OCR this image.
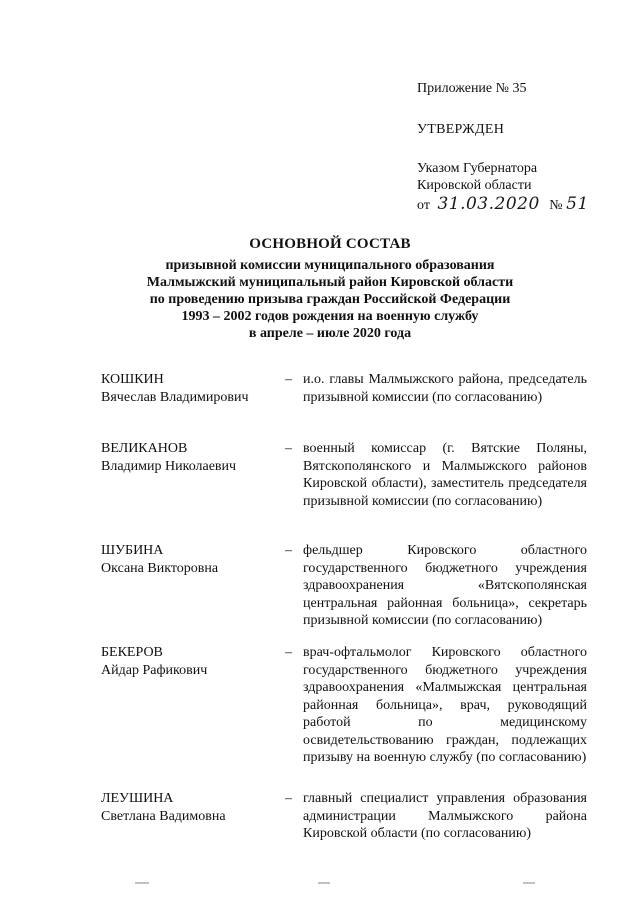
Приложение № 35

УТВЕРЖДЕН

Указом Губернатора

Кировской области

от 31.03.2020 № 51

ОСНОВНОЙ СОСТАВ
призывной комиссии муниципального образования
Малмыжский муниципальный район Кировской области
по проведению призыва граждан Российской Федерации
1993 – 2002 годов рождения на военную службу
в апреле – июле 2020 года
КОШКИН
Вячеслав Владимирович
– и.о. главы Малмыжского района, председатель призывной комиссии (по согласованию)
ВЕЛИКАНОВ
Владимир Николаевич
– военный комиссар (г. Вятские Поляны, Вятскополянского и Малмыжского районов Кировской области), заместитель председателя призывной комиссии (по согласованию)
ШУБИНА
Оксана Викторовна
– фельдшер Кировского областного государственного бюджетного учреждения здравоохранения «Вятскополянская центральная районная больница», секретарь призывной комиссии (по согласованию)
БЕКЕРОВ
Айдар Рафикович
– врач-офтальмолог Кировского областного государственного бюджетного учреждения здравоохранения «Малмыжская центральная районная больница», врач, руководящий работой по медицинскому освидетельствованию граждан, подлежащих призыву на военную службу (по согласованию)
ЛЕУШИНА
Светлана Вадимовна
– главный специалист управления образования администрации Малмыжского района Кировской области (по согласованию)
